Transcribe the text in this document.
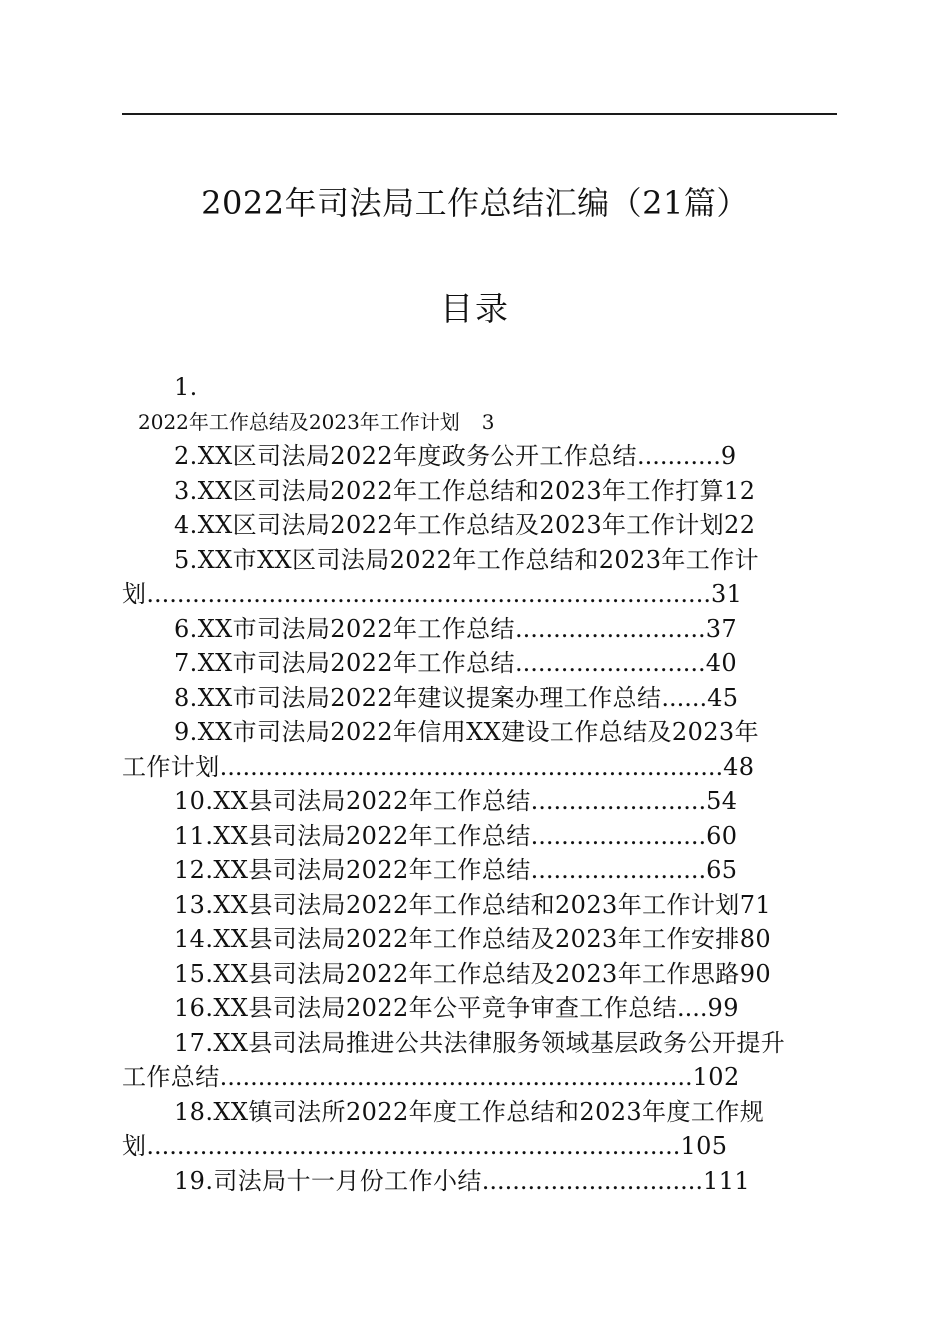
2022年司法局工作总结汇编（21篇）
目录
1.
2022年工作总结及2023年工作计划 3
2.XX区司法局2022年度政务公开工作总结...........9
3.XX区司法局2022年工作总结和2023年工作打算12
4.XX区司法局2022年工作总结及2023年工作计划22
5.XX市XX区司法局2022年工作总结和2023年工作计
划..........................................................................31
6.XX市司法局2022年工作总结.........................37
7.XX市司法局2022年工作总结.........................40
8.XX市司法局2022年建议提案办理工作总结......45
9.XX市司法局2022年信用XX建设工作总结及2023年
工作计划..................................................................48
10.XX县司法局2022年工作总结.......................54
11.XX县司法局2022年工作总结.......................60
12.XX县司法局2022年工作总结.......................65
13.XX县司法局2022年工作总结和2023年工作计划71
14.XX县司法局2022年工作总结及2023年工作安排80
15.XX县司法局2022年工作总结及2023年工作思路90
16.XX县司法局2022年公平竞争审查工作总结....99
17.XX县司法局推进公共法律服务领域基层政务公开提升
工作总结..............................................................102
18.XX镇司法所2022年度工作总结和2023年度工作规
划......................................................................105
19.司法局十一月份工作小结.............................111
